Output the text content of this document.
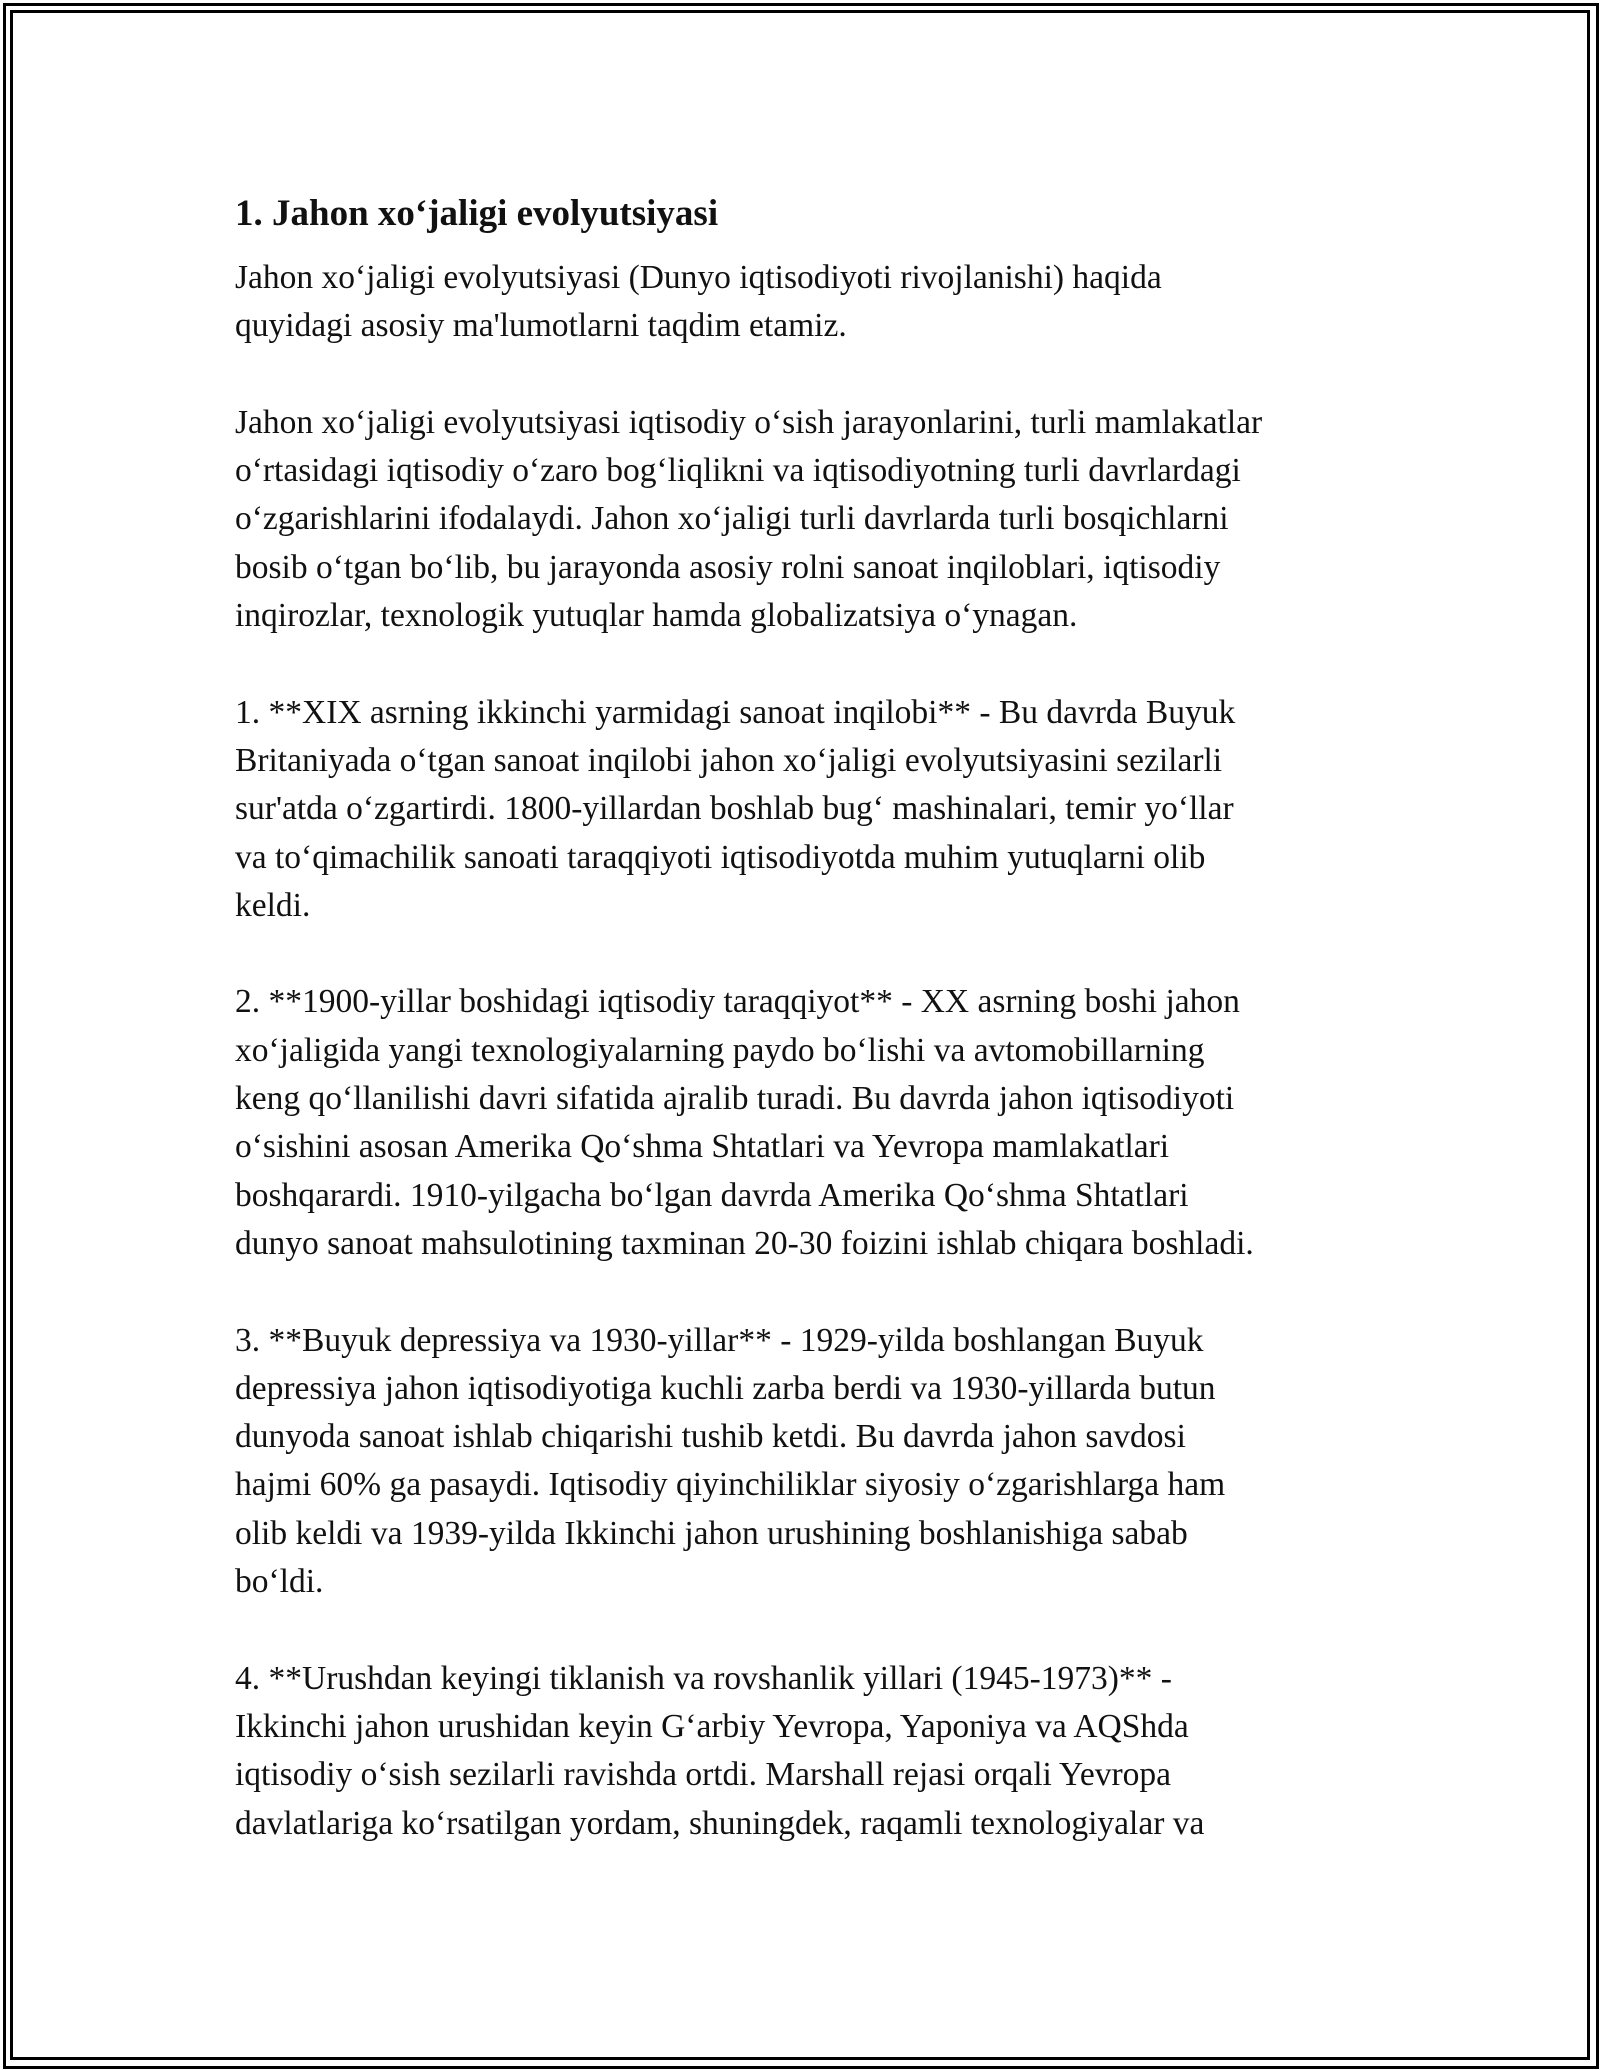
1. Jahon xoʻjaligi evolyutsiyasi
Jahon xoʻjaligi evolyutsiyasi (Dunyo iqtisodiyoti rivojlanishi) haqida
quyidagi asosiy ma'lumotlarni taqdim etamiz.
Jahon xoʻjaligi evolyutsiyasi iqtisodiy oʻsish jarayonlarini, turli mamlakatlar
oʻrtasidagi iqtisodiy oʻzaro bogʻliqlikni va iqtisodiyotning turli davrlardagi
oʻzgarishlarini ifodalaydi. Jahon xoʻjaligi turli davrlarda turli bosqichlarni
bosib oʻtgan boʻlib, bu jarayonda asosiy rolni sanoat inqiloblari, iqtisodiy
inqirozlar, texnologik yutuqlar hamda globalizatsiya oʻynagan.
1. **XIX asrning ikkinchi yarmidagi sanoat inqilobi** - Bu davrda Buyuk
Britaniyada oʻtgan sanoat inqilobi jahon xoʻjaligi evolyutsiyasini sezilarli
sur'atda oʻzgartirdi. 1800-yillardan boshlab bugʻ mashinalari, temir yoʻllar
va toʻqimachilik sanoati taraqqiyoti iqtisodiyotda muhim yutuqlarni olib
keldi.
2. **1900-yillar boshidagi iqtisodiy taraqqiyot** - XX asrning boshi jahon
xoʻjaligida yangi texnologiyalarning paydo boʻlishi va avtomobillarning
keng qoʻllanilishi davri sifatida ajralib turadi. Bu davrda jahon iqtisodiyoti
oʻsishini asosan Amerika Qoʻshma Shtatlari va Yevropa mamlakatlari
boshqarardi. 1910-yilgacha boʻlgan davrda Amerika Qoʻshma Shtatlari
dunyo sanoat mahsulotining taxminan 20-30 foizini ishlab chiqara boshladi.
3. **Buyuk depressiya va 1930-yillar** - 1929-yilda boshlangan Buyuk
depressiya jahon iqtisodiyotiga kuchli zarba berdi va 1930-yillarda butun
dunyoda sanoat ishlab chiqarishi tushib ketdi. Bu davrda jahon savdosi
hajmi 60% ga pasaydi. Iqtisodiy qiyinchiliklar siyosiy oʻzgarishlarga ham
olib keldi va 1939-yilda Ikkinchi jahon urushining boshlanishiga sabab
boʻldi.
4. **Urushdan keyingi tiklanish va rovshanlik yillari (1945-1973)** -
Ikkinchi jahon urushidan keyin Gʻarbiy Yevropa, Yaponiya va AQShda
iqtisodiy oʻsish sezilarli ravishda ortdi. Marshall rejasi orqali Yevropa
davlatlariga koʻrsatilgan yordam, shuningdek, raqamli texnologiyalar va
